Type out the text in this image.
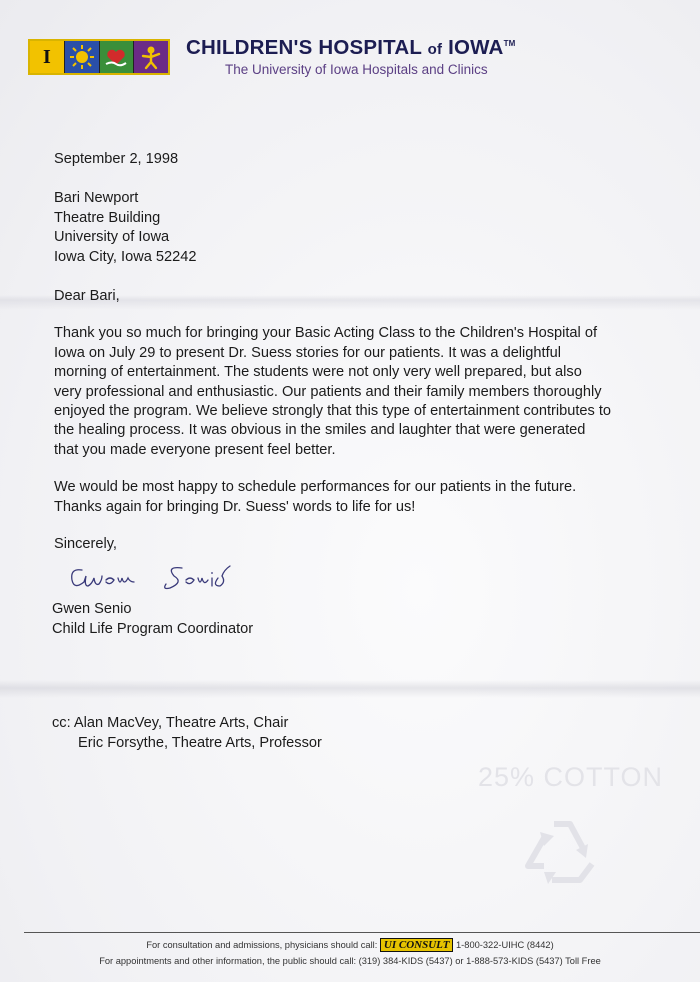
I	CHILDREN'S HOSPITAL of IOWA™
The University of Iowa Hospitals and Clinics

September 2, 1998

Bari Newport
Theatre Building
University of Iowa
Iowa City, Iowa 52242
Dear Bari,

Thank you so much for bringing your Basic Acting Class to the Children's Hospital of

Iowa on July 29 to present Dr. Suess stories for our patients. It was a delightful

morning of entertainment. The students were not only very well prepared, but also

very professional and enthusiastic. Our patients and their family members thoroughly

enjoyed the program. We believe strongly that this type of entertainment contributes to

the healing process. It was obvious in the smiles and laughter that were generated

that you made everyone present feel better.

We would be most happy to schedule performances for our patients in the future.

Thanks again for bringing Dr. Suess' words to life for us!

Sincerely,
Gwen Senio
Child Life Program Coordinator
cc: Alan MacVey, Theatre Arts, Chair
Eric Forsythe, Theatre Arts, Professor
25% COTTON
For consultation and admissions, physicians should call: UI CONSULT 1-800-322-UIHC (8442)
For appointments and other information, the public should call: (319) 384-KIDS (5437) or 1-888-573-KIDS (5437) Toll Free
